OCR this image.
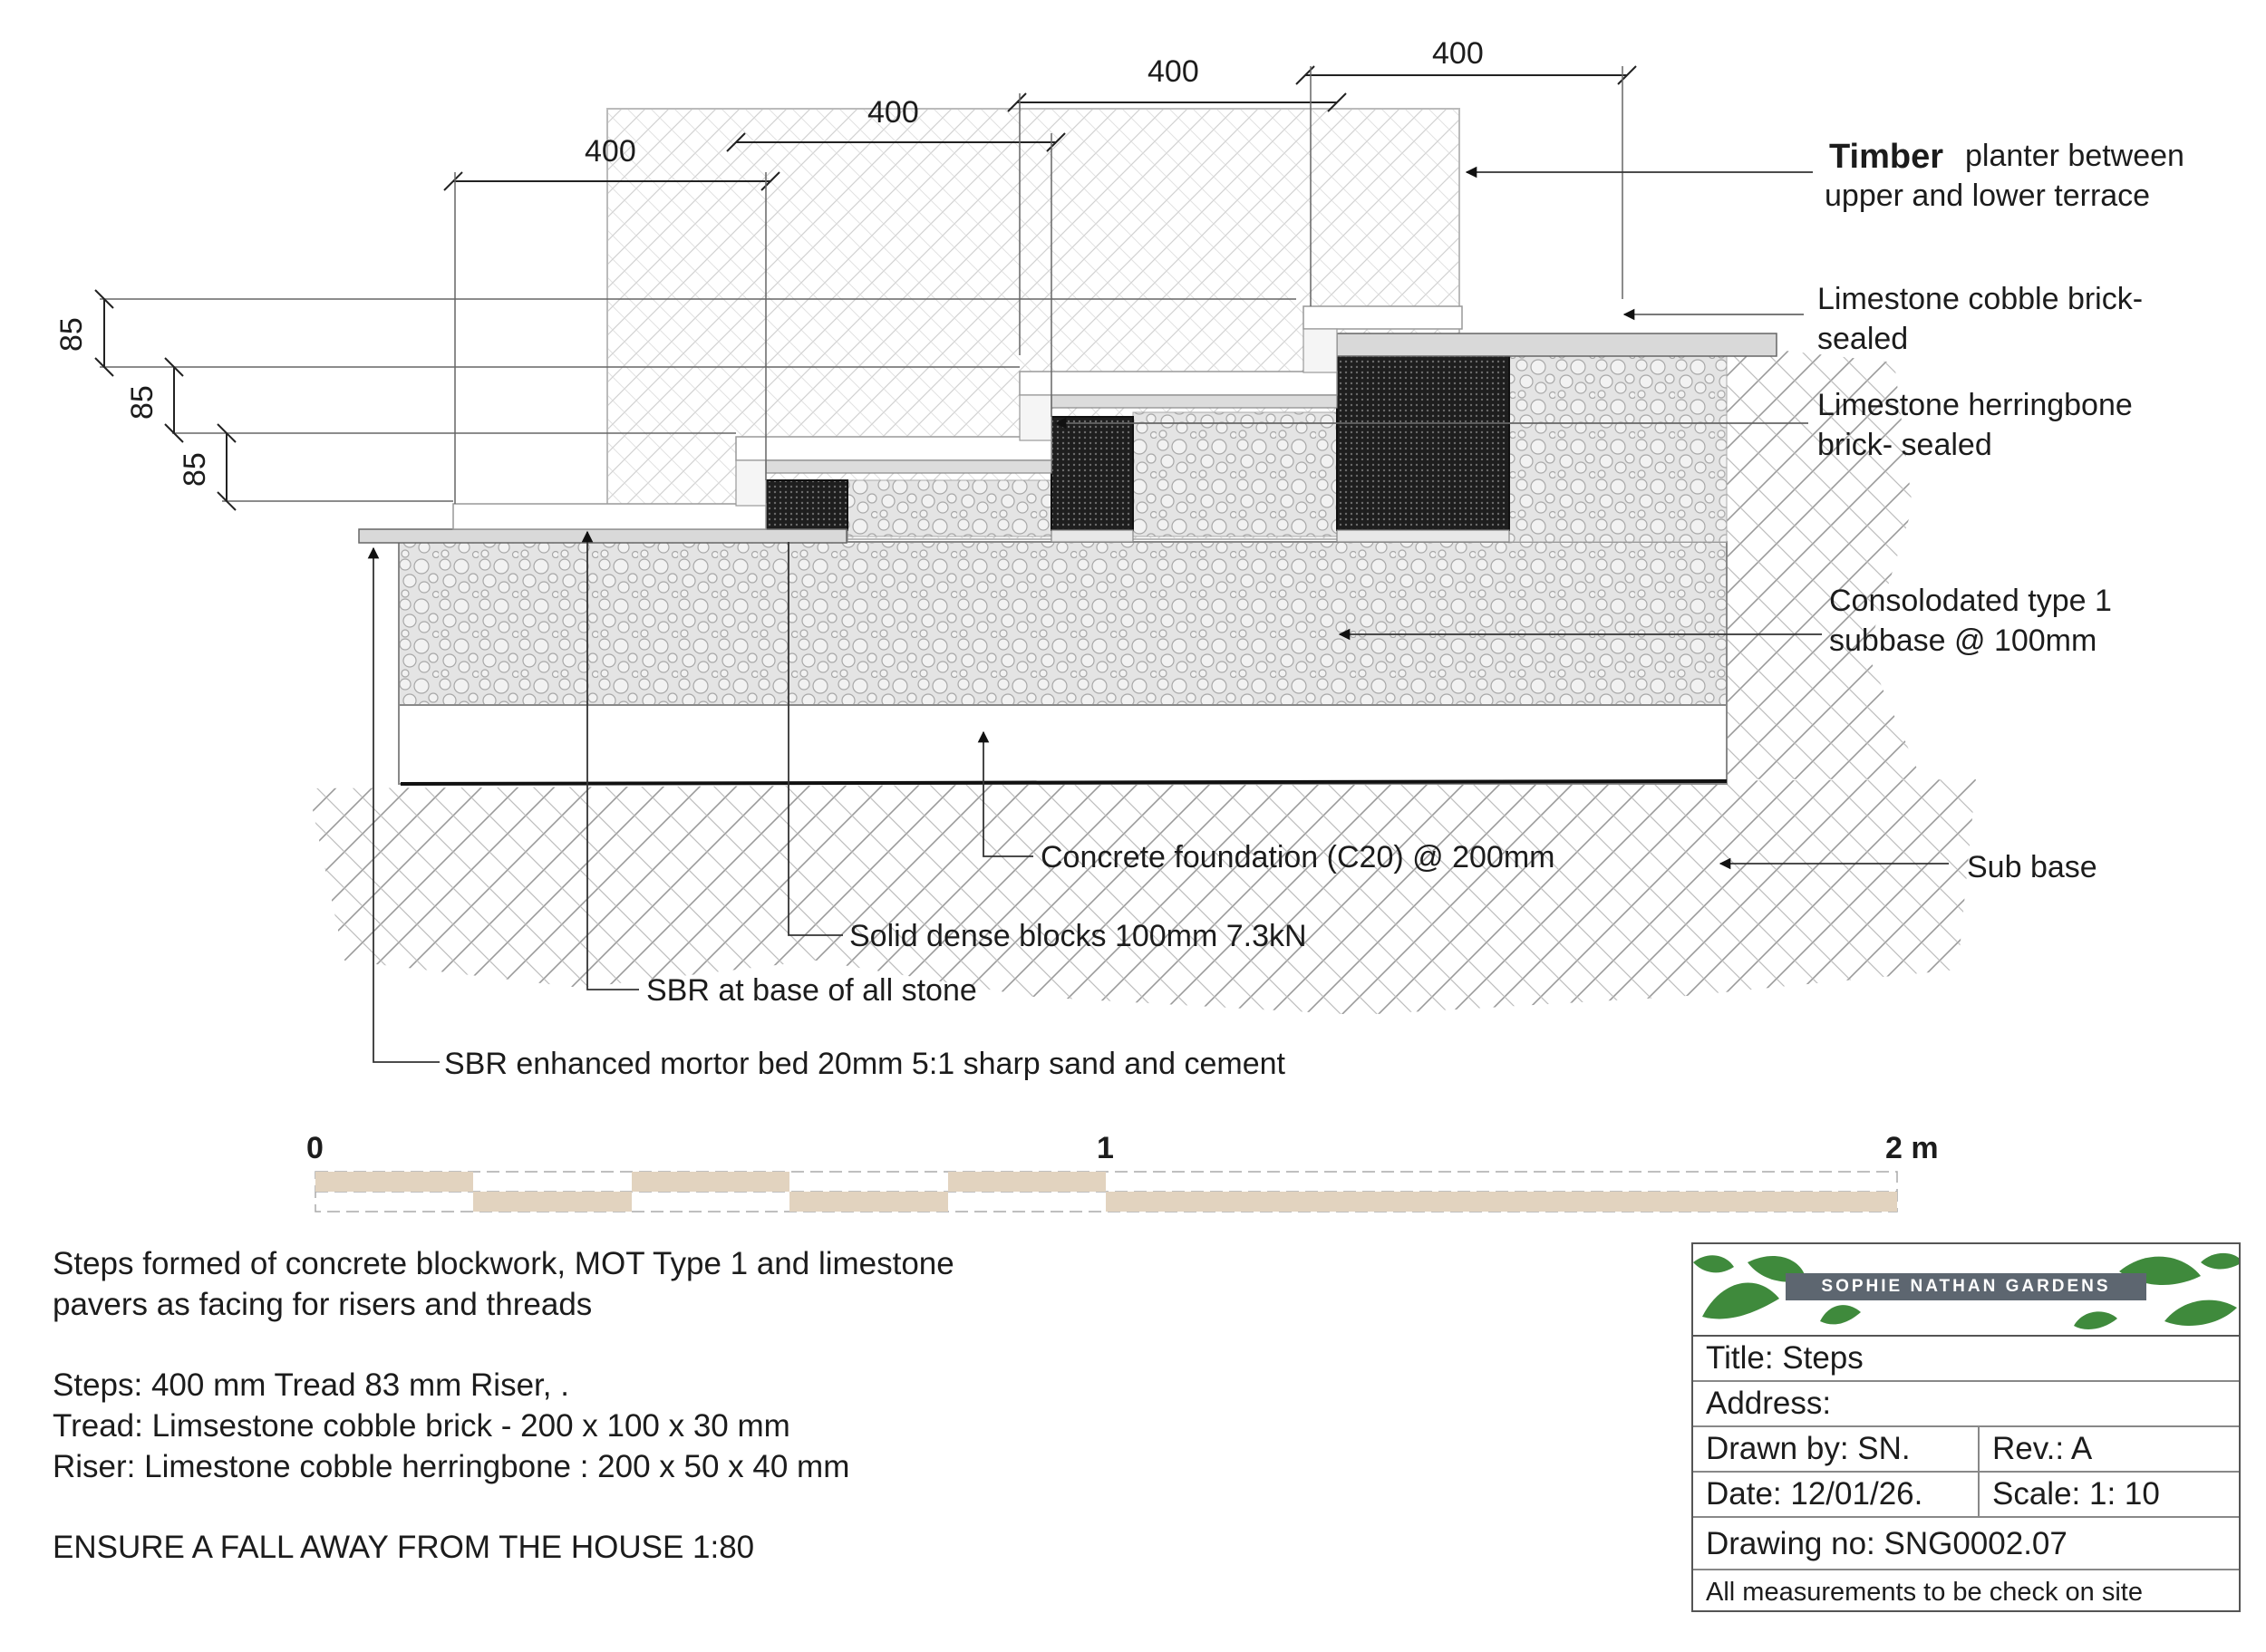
400
400
400
400
85
85
85
Timber planter between
upper and lower terrace
Limestone cobble brick-
sealed
Limestone herringbone
brick- sealed
Consolodated type 1
subbase @ 100mm
Concrete foundation (C20) @ 200mm	Sub base
Solid dense blocks 100mm 7.3kN
SBR at base of all stone
SBR enhanced mortor bed 20mm 5:1 sharp sand and cement
0	1	2 m
Steps formed of concrete blockwork, MOT Type 1 and limestone
pavers as facing for risers and threads
Steps: 400 mm Tread 83 mm Riser, .
Tread: Limsestone cobble brick - 200 x 100 x 30 mm
Riser: Limestone cobble herringbone : 200 x 50 x 40 mm
ENSURE A FALL AWAY FROM THE HOUSE 1:80
SOPHIE NATHAN GARDENS
Title: Steps
Address:
Drawn by: SN.	Rev.: A
Date: 12/01/26.	Scale: 1: 10
Drawing no: SNG0002.07
All measurements to be check on site
